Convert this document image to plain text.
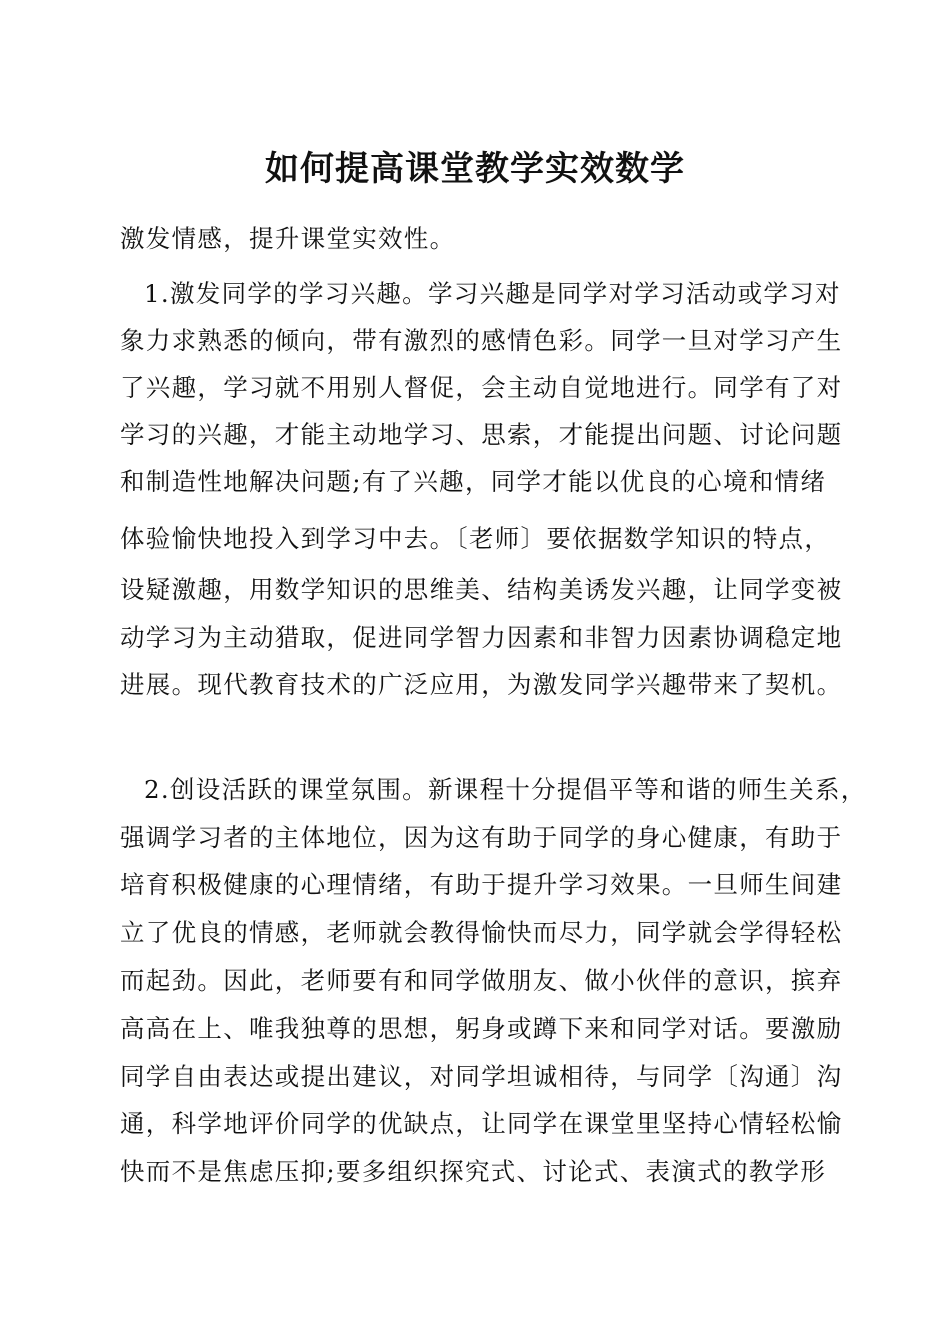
如何提高课堂教学实效数学
激发情感，提升课堂实效性。
1.激发同学的学习兴趣。学习兴趣是同学对学习活动或学习对
象力求熟悉的倾向，带有激烈的感情色彩。同学一旦对学习产生
了兴趣，学习就不用别人督促，会主动自觉地进行。同学有了对
学习的兴趣，才能主动地学习、思索，才能提出问题、讨论问题
和制造性地解决问题;有了兴趣，同学才能以优良的心境和情绪
体验愉快地投入到学习中去。〔老师〕要依据数学知识的特点，
设疑激趣，用数学知识的思维美、结构美诱发兴趣，让同学变被
动学习为主动猎取，促进同学智力因素和非智力因素协调稳定地
进展。现代教育技术的广泛应用，为激发同学兴趣带来了契机。
2.创设活跃的课堂氛围。新课程十分提倡平等和谐的师生关系，
强调学习者的主体地位，因为这有助于同学的身心健康，有助于
培育积极健康的心理情绪，有助于提升学习效果。一旦师生间建
立了优良的情感，老师就会教得愉快而尽力，同学就会学得轻松
而起劲。因此，老师要有和同学做朋友、做小伙伴的意识，摈弃
高高在上、唯我独尊的思想，躬身或蹲下来和同学对话。要激励
同学自由表达或提出建议，对同学坦诚相待，与同学〔沟通〕沟
通，科学地评价同学的优缺点，让同学在课堂里坚持心情轻松愉
快而不是焦虑压抑;要多组织探究式、讨论式、表演式的教学形
